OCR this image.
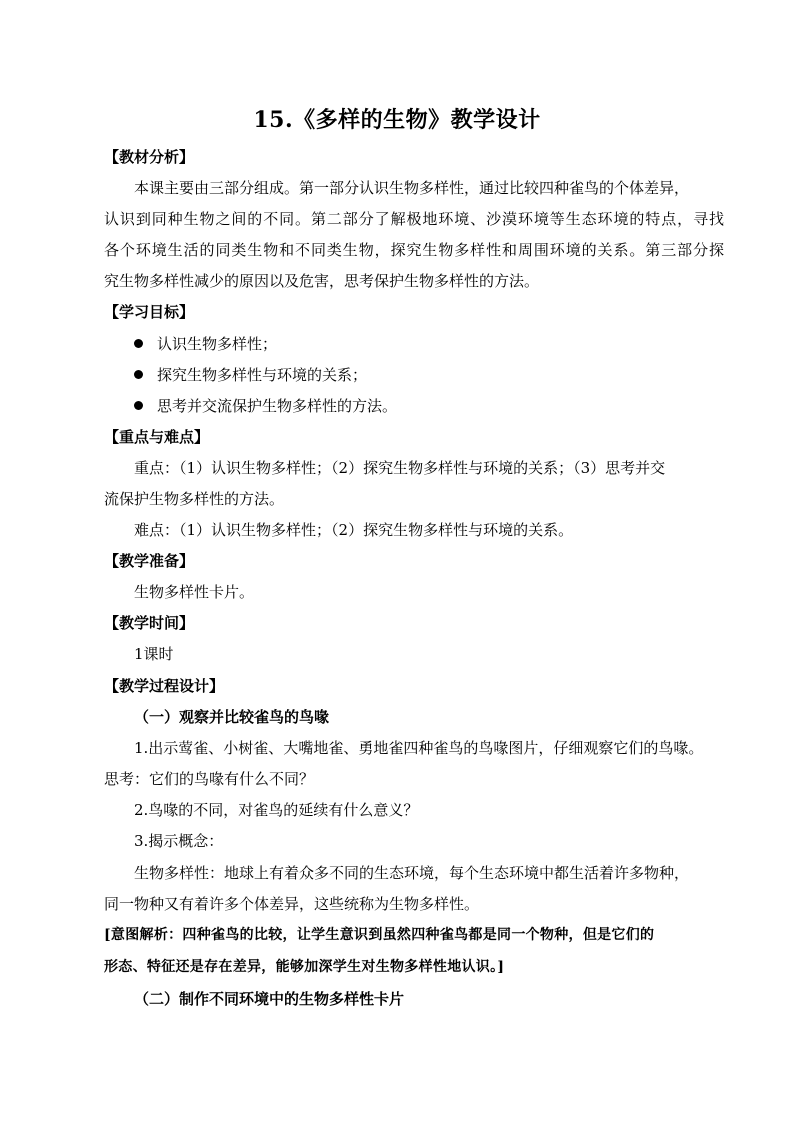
15.《多样的生物》教学设计
【教材分析】
本课主要由三部分组成。第一部分认识生物多样性，通过比较四种雀鸟的个体差异，
认识到同种生物之间的不同。第二部分了解极地环境、沙漠环境等生态环境的特点，寻找
各个环境生活的同类生物和不同类生物，探究生物多样性和周围环境的关系。第三部分探
究生物多样性减少的原因以及危害，思考保护生物多样性的方法。
【学习目标】
认识生物多样性；
探究生物多样性与环境的关系；
思考并交流保护生物多样性的方法。
【重点与难点】
重点：（1）认识生物多样性；（2）探究生物多样性与环境的关系；（3）思考并交
流保护生物多样性的方法。
难点：（1）认识生物多样性；（2）探究生物多样性与环境的关系。
【教学准备】
生物多样性卡片。
【教学时间】
1课时
【教学过程设计】
（一）观察并比较雀鸟的鸟喙
1.出示莺雀、小树雀、大嘴地雀、勇地雀四种雀鸟的鸟喙图片，仔细观察它们的鸟喙。
思考：它们的鸟喙有什么不同？
2.鸟喙的不同，对雀鸟的延续有什么意义？
3.揭示概念：
生物多样性：地球上有着众多不同的生态环境，每个生态环境中都生活着许多物种，
同一物种又有着许多个体差异，这些统称为生物多样性。
[意图解析：四种雀鸟的比较，让学生意识到虽然四种雀鸟都是同一个物种，但是它们的
形态、特征还是存在差异，能够加深学生对生物多样性地认识。]
（二）制作不同环境中的生物多样性卡片
